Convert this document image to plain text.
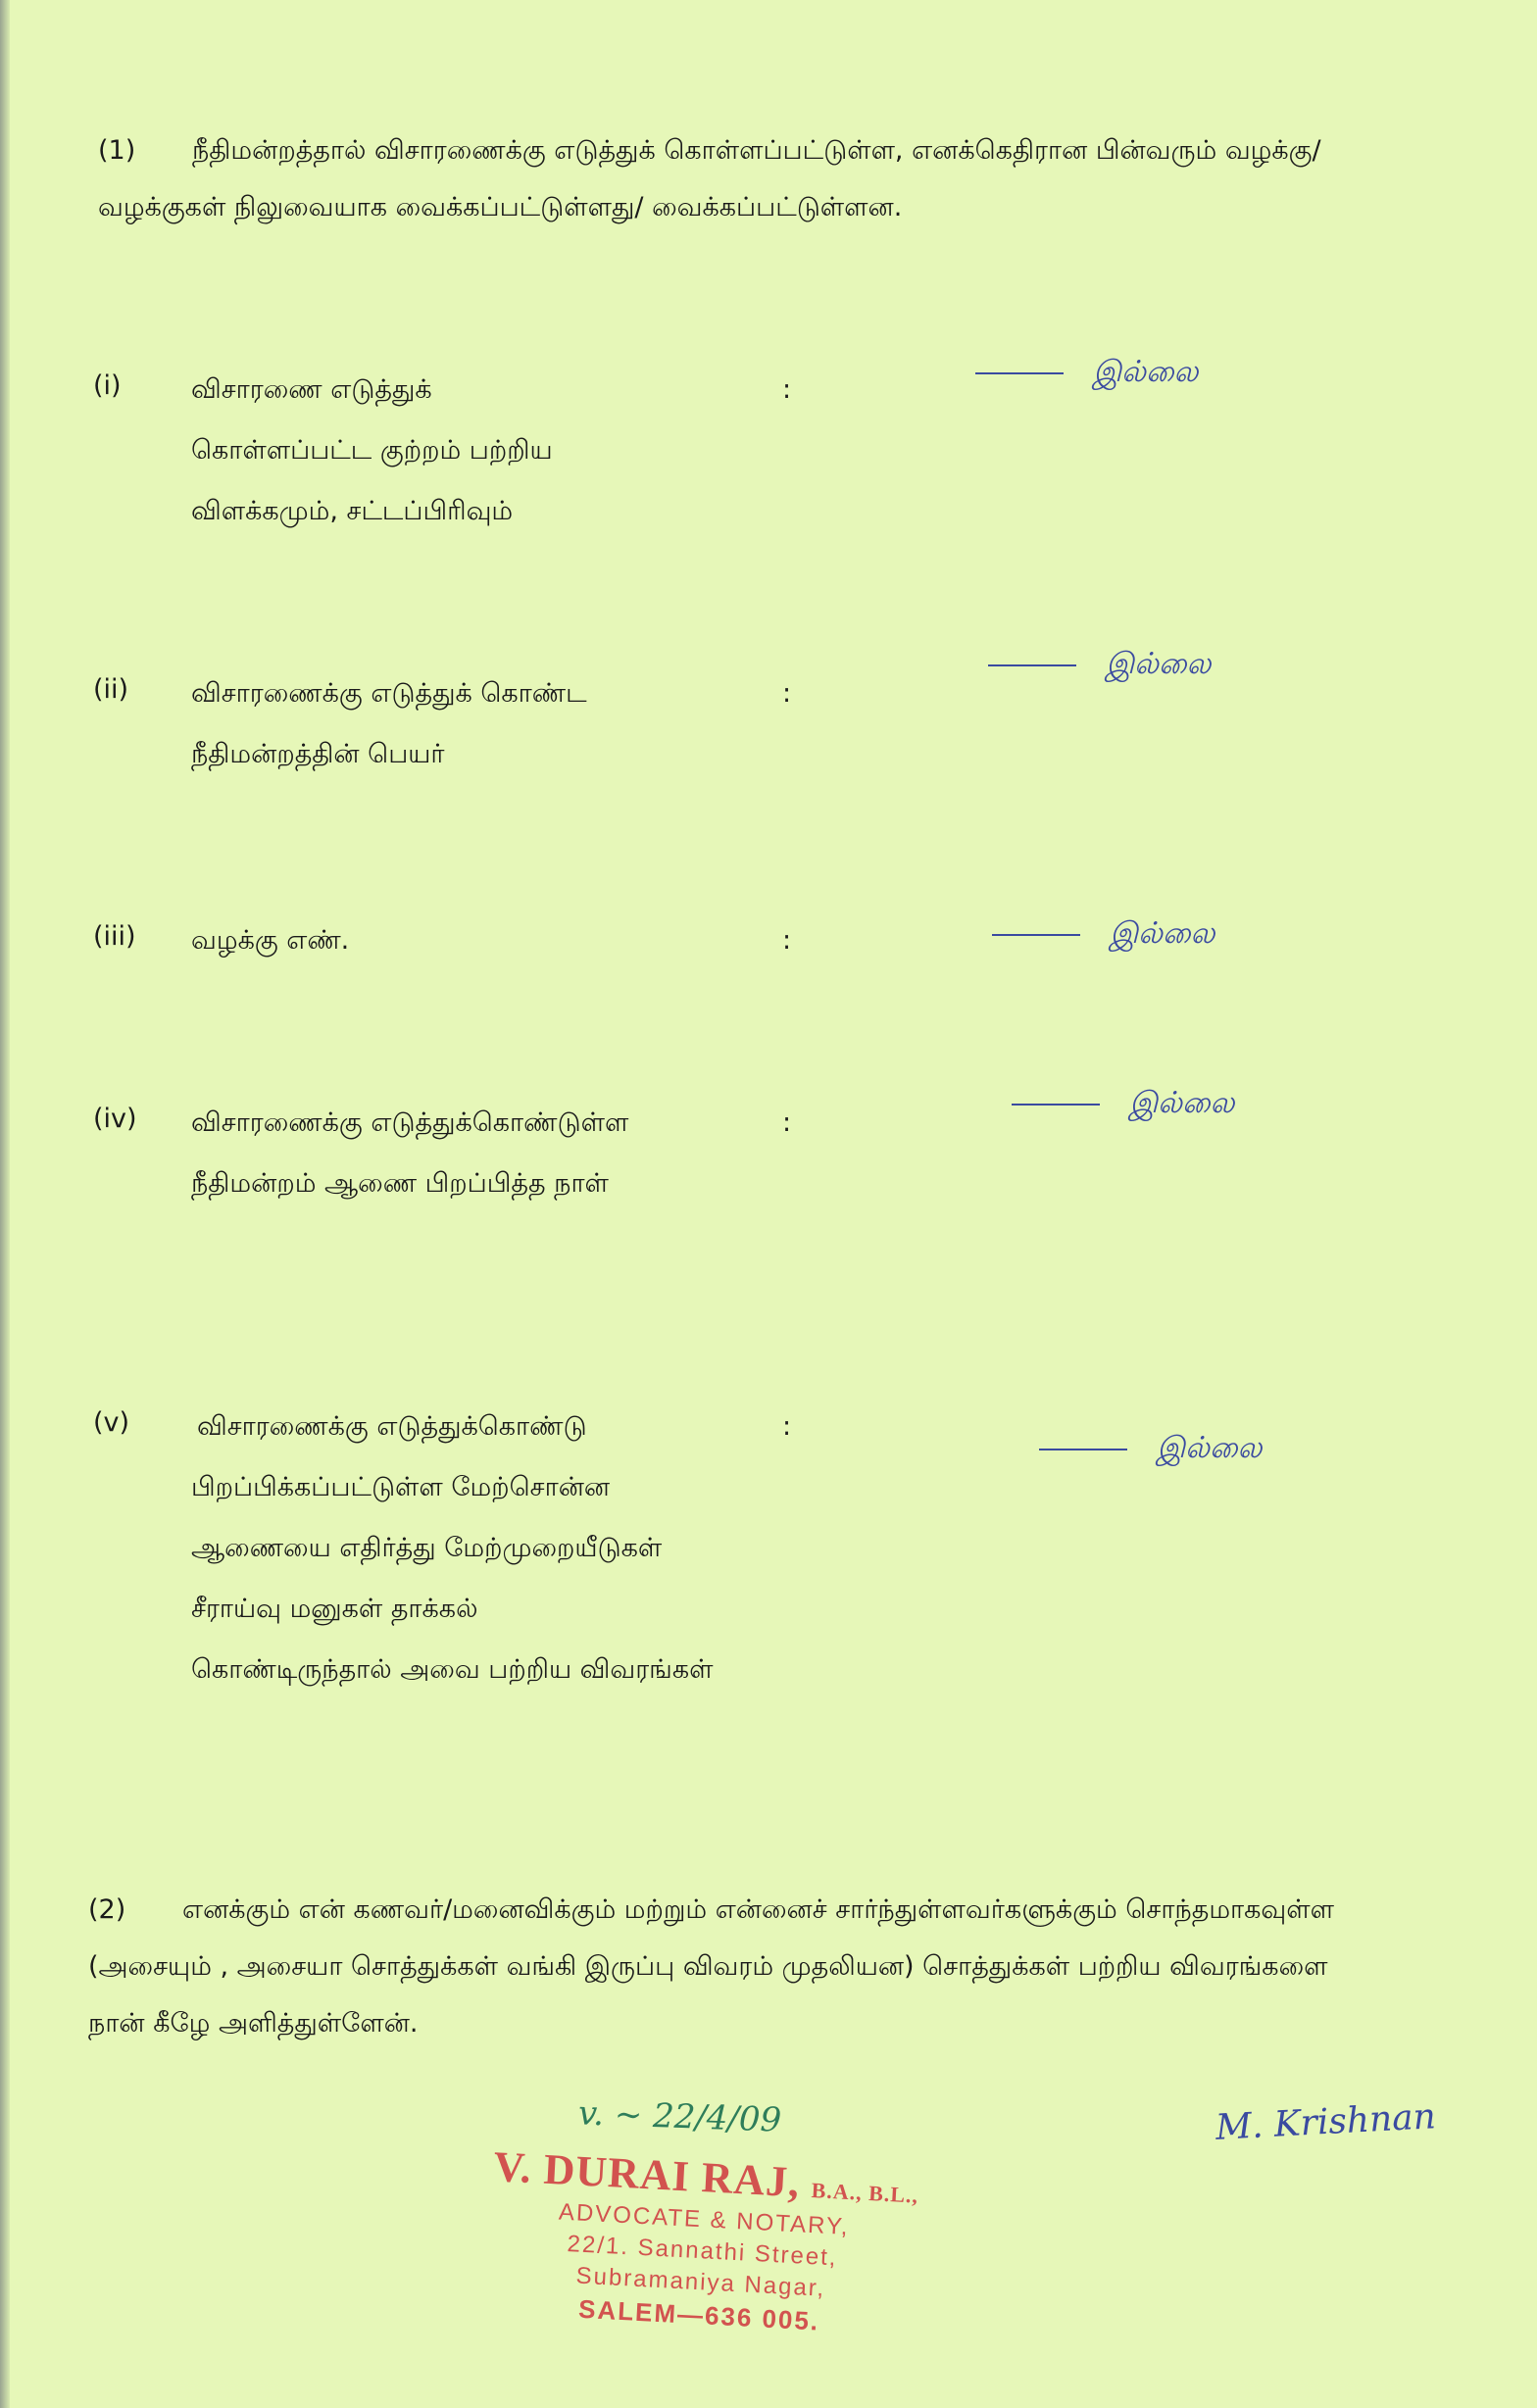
(1) நீதிமன்றத்தால் விசாரணைக்கு எடுத்துக் கொள்ளப்பட்டுள்ள, எனக்கெதிரான பின்வரும் வழக்கு/
வழக்குகள் நிலுவையாக வைக்கப்பட்டுள்ளது/ வைக்கப்பட்டுள்ளன.
(i)	விசாரணை எடுத்துக்
கொள்ளப்பட்ட குற்றம் பற்றிய
விளக்கமும், சட்டப்பிரிவும்
:
இல்லை
(ii)	விசாரணைக்கு எடுத்துக் கொண்ட
நீதிமன்றத்தின் பெயர்
:
இல்லை
(iii)	வழக்கு எண்.	:	இல்லை
(iv)	விசாரணைக்கு எடுத்துக்கொண்டுள்ள
நீதிமன்றம் ஆணை பிறப்பித்த நாள்
:
இல்லை
(v)	விசாரணைக்கு எடுத்துக்கொண்டு
பிறப்பிக்கப்பட்டுள்ள மேற்சொன்ன
ஆணையை எதிர்த்து மேற்முறையீடுகள்
சீராய்வு மனுகள் தாக்கல்
கொண்டிருந்தால் அவை பற்றிய விவரங்கள்
:
இல்லை
(2) எனக்கும் என் கணவர்/மனைவிக்கும் மற்றும் என்னைச் சார்ந்துள்ளவர்களுக்கும் சொந்தமாகவுள்ள
(அசையும் , அசையா சொத்துக்கள் வங்கி இருப்பு விவரம் முதலியன) சொத்துக்கள் பற்றிய விவரங்களை
நான் கீழே அளித்துள்ளேன்.
v. ~ 22/4/09
V. DURAI RAJ, B.A., B.L.,
ADVOCATE & NOTARY,
22/1. Sannathi Street,
Subramaniya Nagar,
SALEM—636 005.
M. Krishnan
